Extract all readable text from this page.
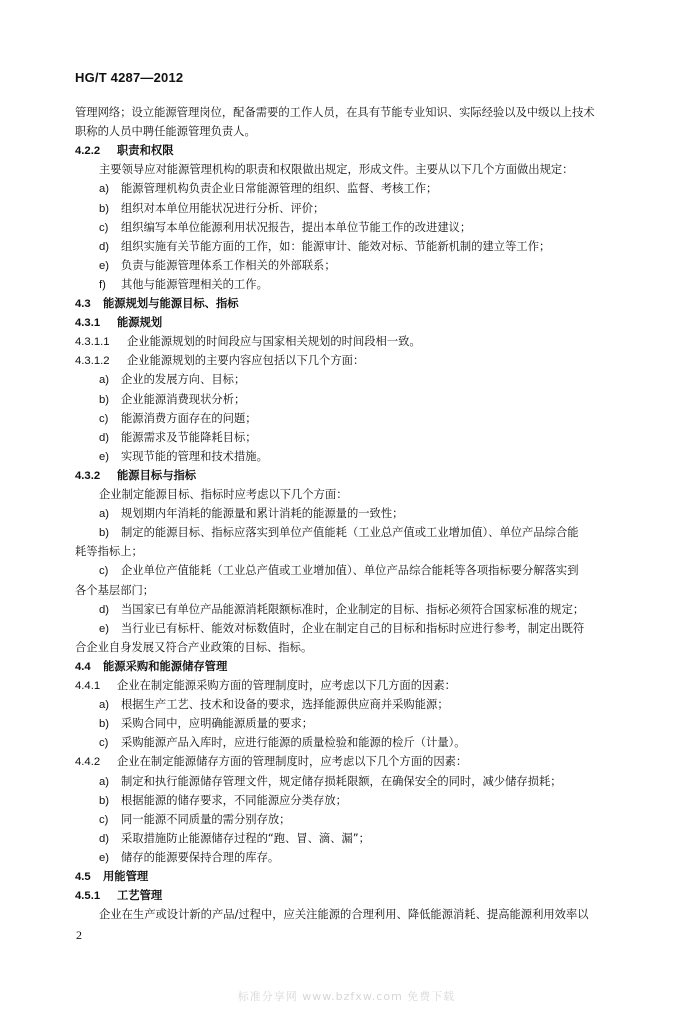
HG/T 4287—2012
管理网络；设立能源管理岗位，配备需要的工作人员，在具有节能专业知识、实际经验以及中级以上技术
职称的人员中聘任能源管理负责人。
4.2.2 职责和权限
主要领导应对能源管理机构的职责和权限做出规定，形成文件。主要从以下几个方面做出规定：
a) 能源管理机构负责企业日常能源管理的组织、监督、考核工作；
b) 组织对本单位用能状况进行分析、评价；
c) 组织编写本单位能源利用状况报告，提出本单位节能工作的改进建议；
d) 组织实施有关节能方面的工作，如：能源审计、能效对标、节能新机制的建立等工作；
e) 负责与能源管理体系工作相关的外部联系；
f) 其他与能源管理相关的工作。
4.3 能源规划与能源目标、指标
4.3.1 能源规划
4.3.1.1 企业能源规划的时间段应与国家相关规划的时间段相一致。
4.3.1.2 企业能源规划的主要内容应包括以下几个方面：
a) 企业的发展方向、目标；
b) 企业能源消费现状分析；
c) 能源消费方面存在的问题；
d) 能源需求及节能降耗目标；
e) 实现节能的管理和技术措施。
4.3.2 能源目标与指标
企业制定能源目标、指标时应考虑以下几个方面：
a) 规划期内年消耗的能源量和累计消耗的能源量的一致性；
b) 制定的能源目标、指标应落实到单位产值能耗（工业总产值或工业增加值）、单位产品综合能
耗等指标上；
c) 企业单位产值能耗（工业总产值或工业增加值）、单位产品综合能耗等各项指标要分解落实到
各个基层部门；
d) 当国家已有单位产品能源消耗限额标准时，企业制定的目标、指标必须符合国家标准的规定；
e) 当行业已有标杆、能效对标数值时，企业在制定自己的目标和指标时应进行参考，制定出既符
合企业自身发展又符合产业政策的目标、指标。
4.4 能源采购和能源储存管理
4.4.1 企业在制定能源采购方面的管理制度时，应考虑以下几方面的因素：
a) 根据生产工艺、技术和设备的要求，选择能源供应商并采购能源；
b) 采购合同中，应明确能源质量的要求；
c) 采购能源产品入库时，应进行能源的质量检验和能源的检斤（计量）。
4.4.2 企业在制定能源储存方面的管理制度时，应考虑以下几个方面的因素：
a) 制定和执行能源储存管理文件，规定储存损耗限额，在确保安全的同时，减少储存损耗；
b) 根据能源的储存要求，不同能源应分类存放；
c) 同一能源不同质量的需分别存放；
d) 采取措施防止能源储存过程的“跑、冒、滴、漏”；
e) 储存的能源要保持合理的库存。
4.5 用能管理
4.5.1 工艺管理
企业在生产或设计新的产品/过程中，应关注能源的合理利用、降低能源消耗、提高能源利用效率以
2
标准分享网 www.bzfxw.com 免费下载
